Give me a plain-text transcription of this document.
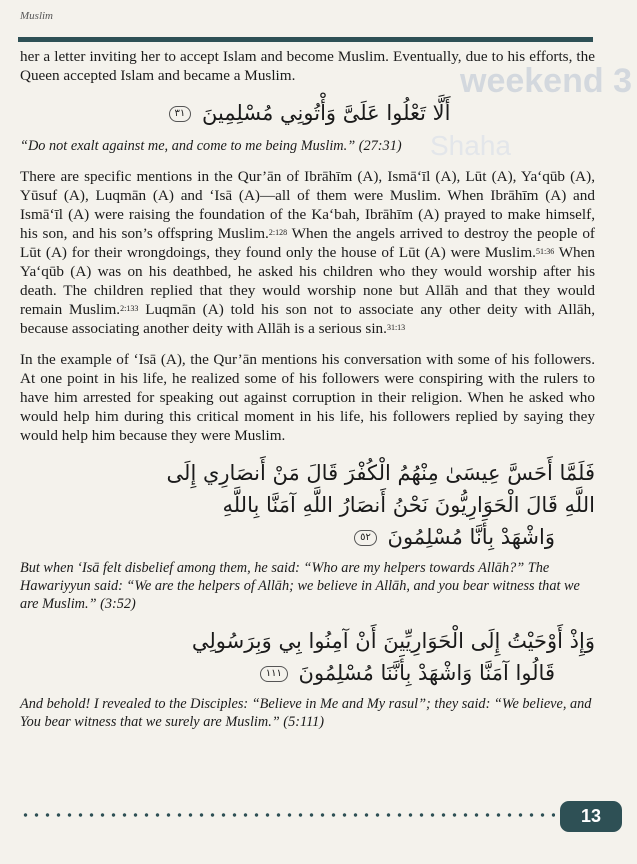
weekend 3
Shaha
Muslim

her a letter inviting her to accept Islam and become Muslim. Eventually, due to his efforts, the Queen accepted Islam and became a Muslim.

أَلَّا تَعْلُوا عَلَىَّ وَأْتُونِي مُسْلِمِينَ ٣١

“Do not exalt against me, and come to me being Muslim.” (27:31)

There are specific mentions in the Qur’ān of Ibrāhīm (A), Ismā‘īl (A), Lūt (A), Ya‘qūb (A), Yūsuf (A), Luqmān (A) and ‘Isā (A)—all of them were Muslim. When Ibrāhīm (A) and Ismā‘īl (A) were raising the foundation of the Ka‘bah, Ibrāhīm (A) prayed to make himself, his son, and his son’s offspring Muslim.$^{2:128}$ When the angels arrived to destroy the people of Lūt (A) for their wrongdoings, they found only the house of Lūt (A) were Muslim.$^{51:36}$ When Ya‘qūb (A) was on his deathbed, he asked his children who they would worship after his death. The children replied that they would worship none but Allāh and that they would remain Muslim.$^{2:133}$ Luqmān (A) told his son not to associate any other deity with Allāh, because associating another deity with Allāh is a serious sin.$^{31:13}$

In the example of ‘Isā (A), the Qur’ān mentions his conversation with some of his followers. At one point in his life, he realized some of his followers were conspiring with the rulers to have him arrested for speaking out against corruption in their religion. When he asked who would help him during this critical moment in his life, his followers replied by saying they would help him because they were Muslim.

فَلَمَّا أَحَسَّ عِيسَىٰ مِنْهُمُ الْكُفْرَ قَالَ مَنْ أَنصَارِي إِلَى

اللَّهِ قَالَ الْحَوَارِيُّونَ نَحْنُ أَنصَارُ اللَّهِ آمَنَّا بِاللَّهِ

وَاشْهَدْ بِأَنَّا مُسْلِمُونَ ٥٢

But when ‘Isā felt disbelief among them, he said: “Who are my helpers towards Allāh?” The Hawariyyun said: “We are the helpers of Allāh; we believe in Allāh, and you bear witness that we are Muslim.” (3:52)

وَإِذْ أَوْحَيْتُ إِلَى الْحَوَارِيِّينَ أَنْ آمِنُوا بِي وَبِرَسُولِي

قَالُوا آمَنَّا وَاشْهَدْ بِأَنَّنَا مُسْلِمُونَ ١١١

And behold! I revealed to the Disciples: “Believe in Me and My rasul”; they said: “We believe, and You bear witness that we surely are Muslim.” (5:111)

13
